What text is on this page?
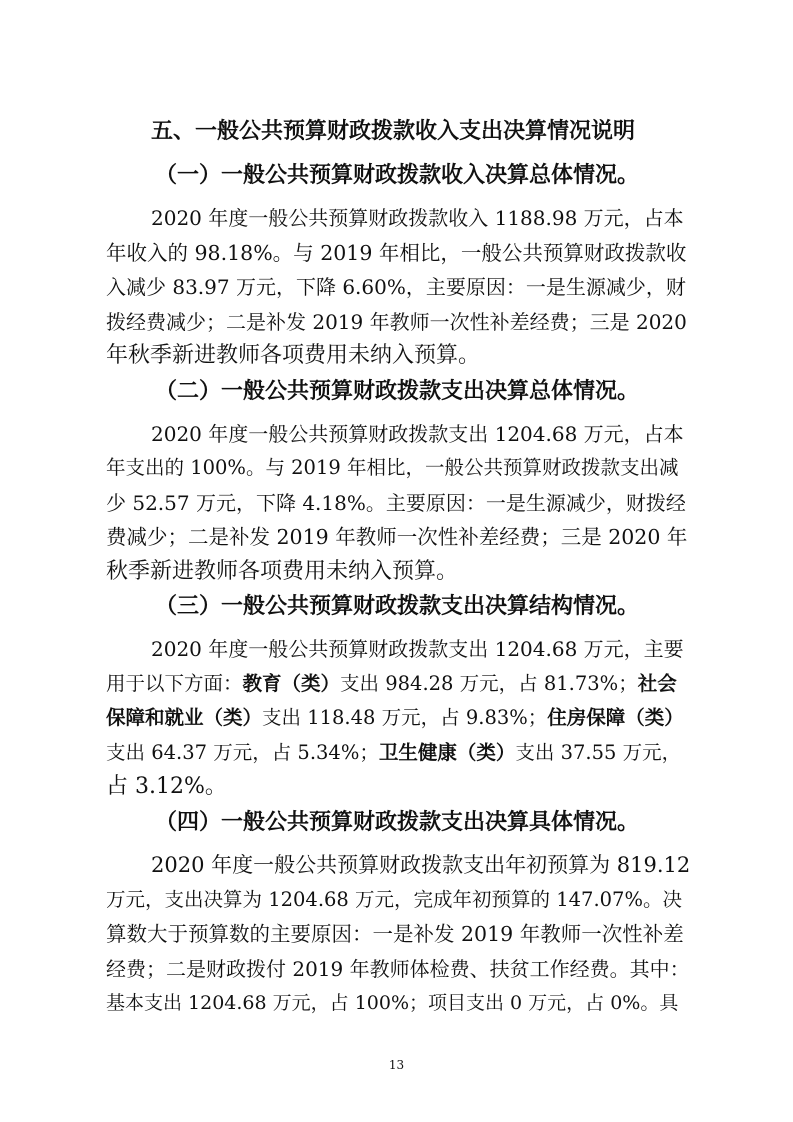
五、一般公共预算财政拨款收入支出决算情况说明
（一）一般公共预算财政拨款收入决算总体情况。
2020 年度一般公共预算财政拨款收入 1188.98 万元，占本
年收入的 98.18%。与 2019 年相比，一般公共预算财政拨款收
入减少 83.97 万元，下降 6.60%，主要原因：一是生源减少，财
拨经费减少；二是补发 2019 年教师一次性补差经费；三是 2020
年秋季新进教师各项费用未纳入预算。
（二）一般公共预算财政拨款支出决算总体情况。
2020 年度一般公共预算财政拨款支出 1204.68 万元，占本
年支出的 100%。与 2019 年相比，一般公共预算财政拨款支出减
少 52.57 万元，下降 4.18%。主要原因：一是生源减少，财拨经
费减少；二是补发 2019 年教师一次性补差经费；三是 2020 年
秋季新进教师各项费用未纳入预算。
（三）一般公共预算财政拨款支出决算结构情况。
2020 年度一般公共预算财政拨款支出 1204.68 万元，主要
用于以下方面：教育（类）支出 984.28 万元，占 81.73%；社会
保障和就业（类）支出 118.48 万元，占 9.83%；住房保障（类）
支出 64.37 万元，占 5.34%；卫生健康（类）支出 37.55 万元，
占 3.12%。
（四）一般公共预算财政拨款支出决算具体情况。
2020 年度一般公共预算财政拨款支出年初预算为 819.12
万元，支出决算为 1204.68 万元，完成年初预算的 147.07%。决
算数大于预算数的主要原因：一是补发 2019 年教师一次性补差
经费；二是财政拨付 2019 年教师体检费、扶贫工作经费。其中：
基本支出 1204.68 万元，占 100%；项目支出 0 万元，占 0%。具
13
